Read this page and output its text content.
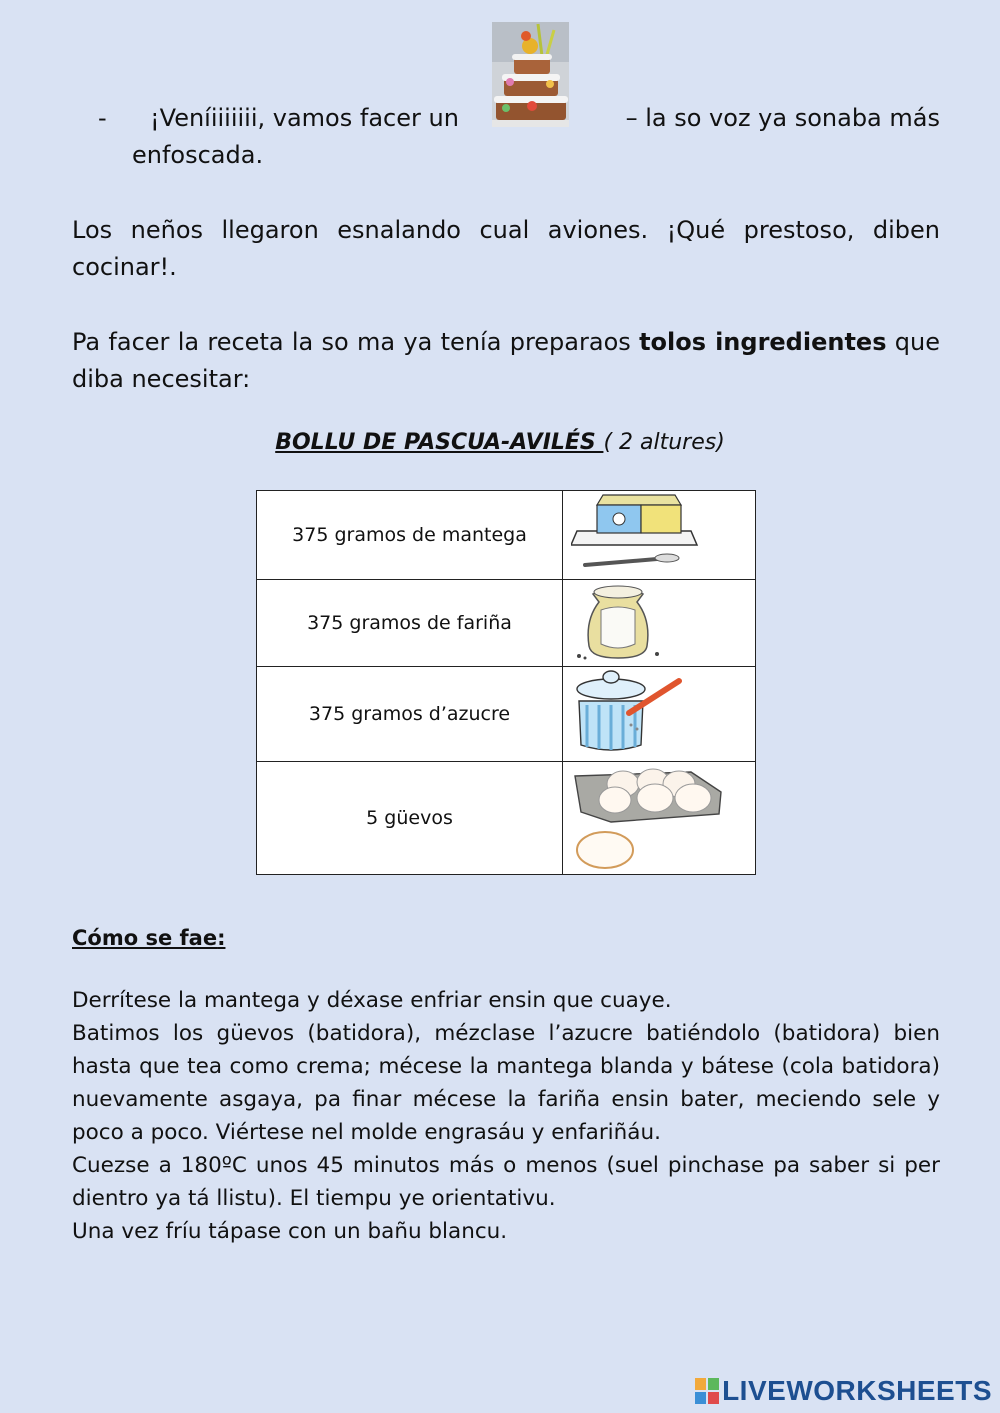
- ¡Veníiiiiiii, vamos facer un	– la so voz ya sonaba más
enfoscada.
Los neños llegaron esnalando cual aviones. ¡Qué prestoso, diben cocinar!.
Pa facer la receta la so ma ya tenía preparaos tolos ingredientes que diba necesitar:
BOLLU DE PASCUA-AVILÉS ( 2 altures)
375 gramos de mantega	
375 gramos de fariña	
375 gramos d’azucre	
5 güevos	
Cómo se fae:

Derrítese la mantega y déxase enfriar ensin que cuaye.

Batimos los güevos (batidora), mézclase l’azucre batiéndolo (batidora) bien hasta que tea como crema; mécese la mantega blanda y bátese (cola batidora) nuevamente asgaya, pa finar mécese la fariña ensin bater, meciendo sele y poco a poco. Viértese nel molde engrasáu y enfariñáu.

Cuezse a 180ºC unos 45 minutos más o menos (suel pinchase pa saber si per dientro ya tá llistu). El tiempu ye orientativu.

Una vez fríu tápase con un bañu blancu.

LIVEWORKSHEETS
